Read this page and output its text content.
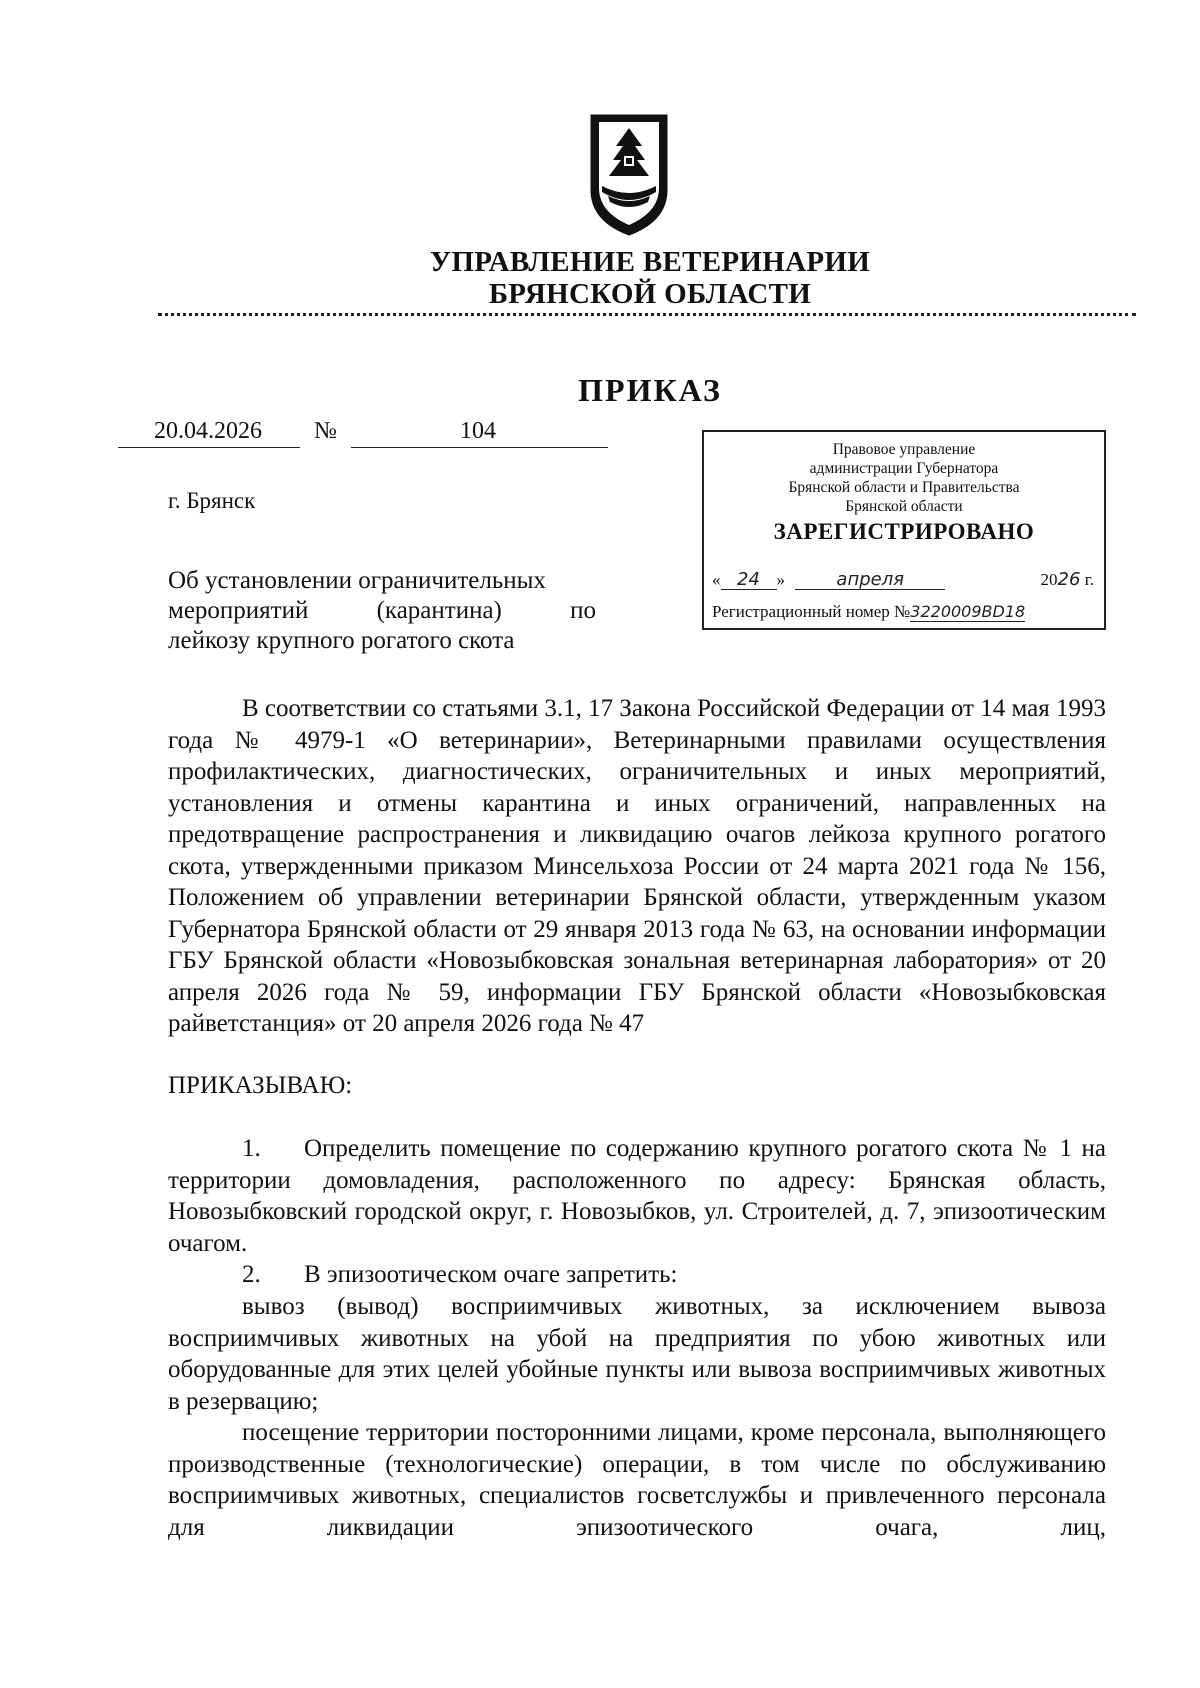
УПРАВЛЕНИЕ ВЕТЕРИНАРИИ
БРЯНСКОЙ ОБЛАСТИ
ПРИКАЗ
20.04.2026 №	104
г. Брянск
Об установлении ограничительных
мероприятий (карантина) по
лейкозу крупного рогатого скота
Правовое управление
администрации Губернатора
Брянской области и Правительства
Брянской области
ЗАРЕГИСТРИРОВАНО
« 24 »	апреля	2026 г.
Регистрационный номер №3220009BD18
В соответствии со статьями 3.1, 17 Закона Российской Федерации от 14 мая 1993 года № 4979-1 «О ветеринарии», Ветеринарными правилами осуществления профилактических, диагностических, ограничительных и иных мероприятий, установления и отмены карантина и иных ограничений, направленных на предотвращение распространения и ликвидацию очагов лейкоза крупного рогатого скота, утвержденными приказом Минсельхоза России от 24 марта 2021 года № 156, Положением об управлении ветеринарии Брянской области, утвержденным указом Губернатора Брянской области от 29 января 2013 года № 63, на основании информации ГБУ Брянской области «Новозыбковская зональная ветеринарная лаборатория» от 20 апреля 2026 года № 59, информации ГБУ Брянской области «Новозыбковская райветстанция» от 20 апреля 2026 года № 47
ПРИКАЗЫВАЮ:
1. Определить помещение по содержанию крупного рогатого скота № 1 на территории домовладения, расположенного по адресу: Брянская область, Новозыбковский городской округ, г. Новозыбков, ул. Строителей, д. 7, эпизоотическим очагом.
2. В эпизоотическом очаге запретить:
вывоз (вывод) восприимчивых животных, за исключением вывоза восприимчивых животных на убой на предприятия по убою животных или оборудованные для этих целей убойные пункты или вывоза восприимчивых животных в резервацию;
посещение территории посторонними лицами, кроме персонала, выполняющего производственные (технологические) операции, в том числе по обслуживанию восприимчивых животных, специалистов госветслужбы и привлеченного персонала для ликвидации эпизоотического очага, лиц,
